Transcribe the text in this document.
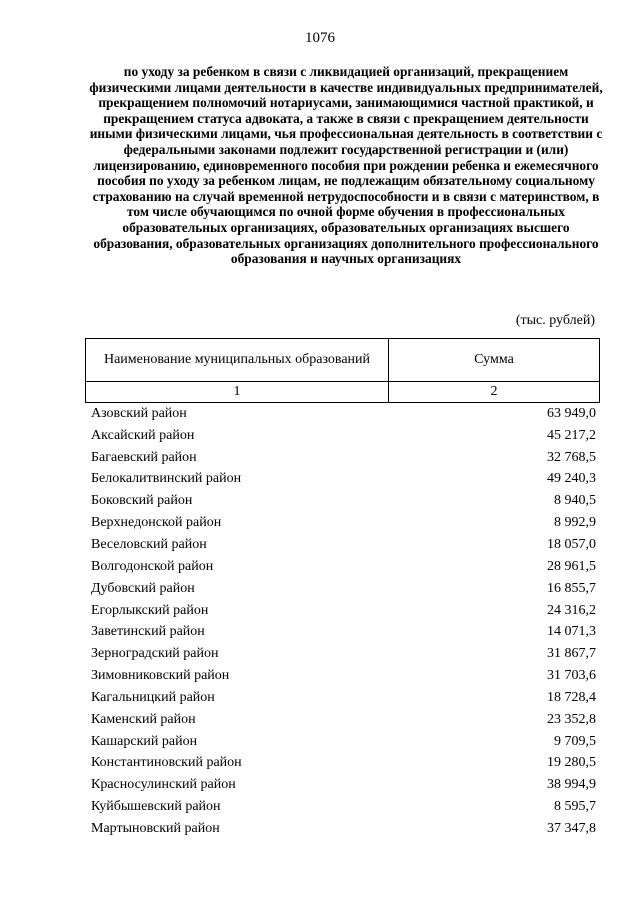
1076
по уходу за ребенком в связи с ликвидацией организаций, прекращением физическими лицами деятельности в качестве индивидуальных предпринимателей, прекращением полномочий нотариусами, занимающимися частной практикой, и прекращением статуса адвоката, а также в связи с прекращением деятельности иными физическими лицами, чья профессиональная деятельность в соответствии с федеральными законами подлежит государственной регистрации и (или) лицензированию, единовременного пособия при рождении ребенка и ежемесячного пособия по уходу за ребенком лицам, не подлежащим обязательному социальному страхованию на случай временной нетрудоспособности и в связи с материнством, в том числе обучающимся по очной форме обучения в профессиональных образовательных организациях, образовательных организациях высшего образования, образовательных организациях дополнительного профессионального образования и научных организациях
(тыс. рублей)
Наименование муниципальных образований	Сумма
1	2
Азовский район	63 949,0
Аксайский район	45 217,2
Багаевский район	32 768,5
Белокалитвинский район	49 240,3
Боковский район	8 940,5
Верхнедонской район	8 992,9
Веселовский район	18 057,0
Волгодонской район	28 961,5
Дубовский район	16 855,7
Егорлыкский район	24 316,2
Заветинский район	14 071,3
Зерноградский район	31 867,7
Зимовниковский район	31 703,6
Кагальницкий район	18 728,4
Каменский район	23 352,8
Кашарский район	9 709,5
Константиновский район	19 280,5
Красносулинский район	38 994,9
Куйбышевский район	8 595,7
Мартыновский район	37 347,8
